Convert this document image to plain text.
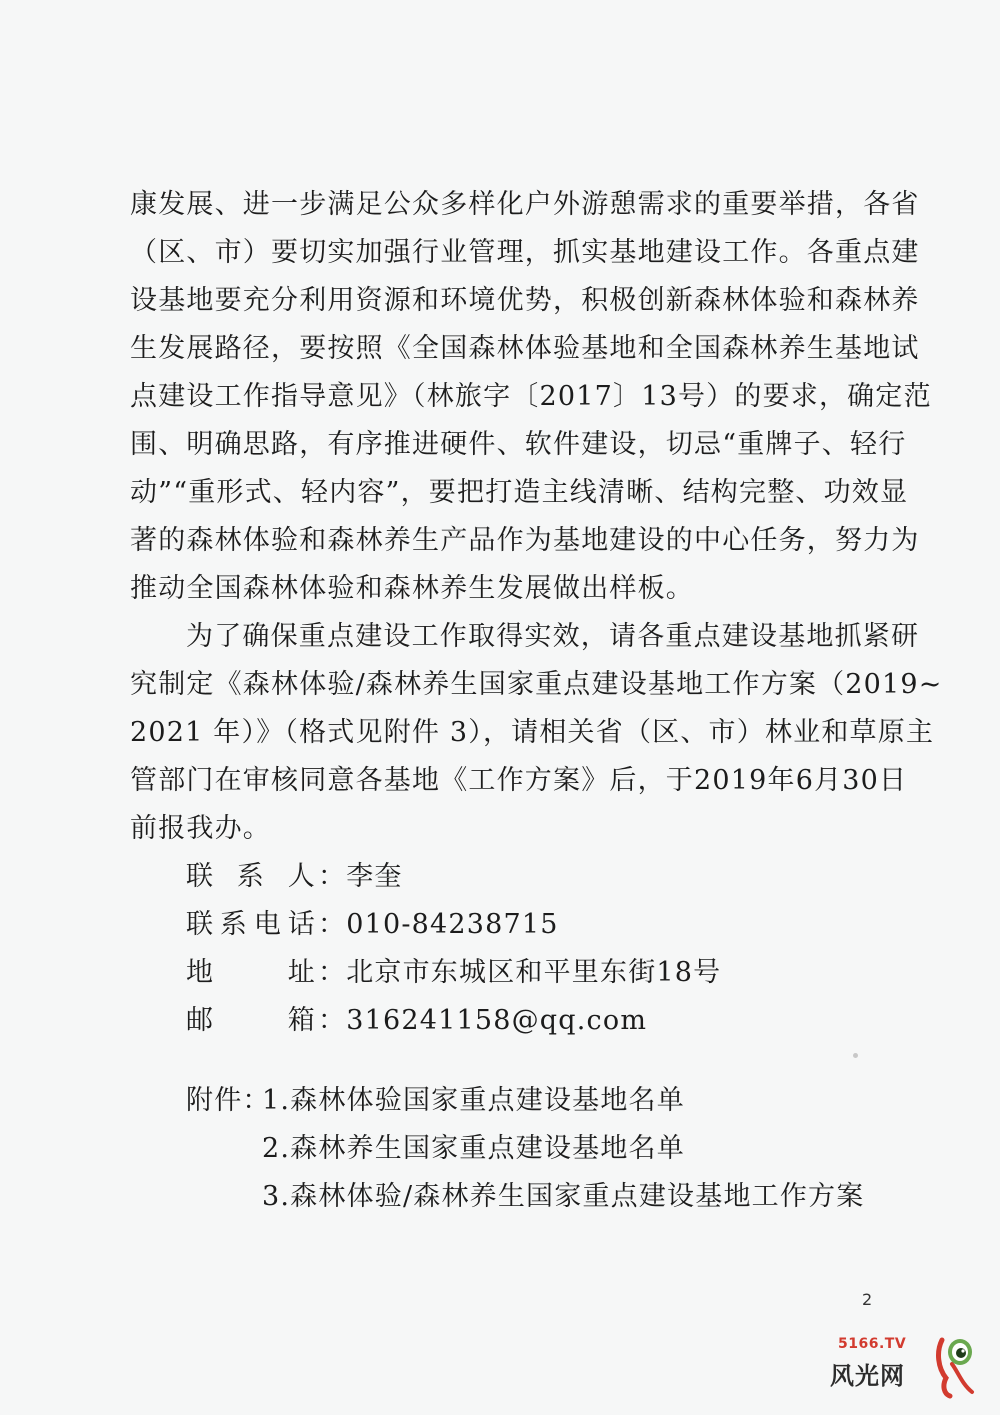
康发展、进一步满足公众多样化户外游憩需求的重要举措，各省
（区、市）要切实加强行业管理，抓实基地建设工作。各重点建
设基地要充分利用资源和环境优势，积极创新森林体验和森林养
生发展路径，要按照《全国森林体验基地和全国森林养生基地试
点建设工作指导意见》（林旅字〔2017〕13号）的要求，确定范
围、明确思路，有序推进硬件、软件建设，切忌“重牌子、轻行
动”“重形式、轻内容”，要把打造主线清晰、结构完整、功效显
著的森林体验和森林养生产品作为基地建设的中心任务，努力为
推动全国森林体验和森林养生发展做出样板。
为了确保重点建设工作取得实效，请各重点建设基地抓紧研
究制定《森林体验/森林养生国家重点建设基地工作方案（2019~
2021 年）》（格式见附件 3），请相关省（区、市）林业和草原主
管部门在审核同意各基地《工作方案》后，于2019年6月30日
前报我办。
联系人：李奎
联系电话：010-84238715
地址：北京市东城区和平里东街18号
邮箱：316241158@qq.com
附件：
1.森林体验国家重点建设基地名单
2.森林养生国家重点建设基地名单
3.森林体验/森林养生国家重点建设基地工作方案
2
5166.TV
风光网
